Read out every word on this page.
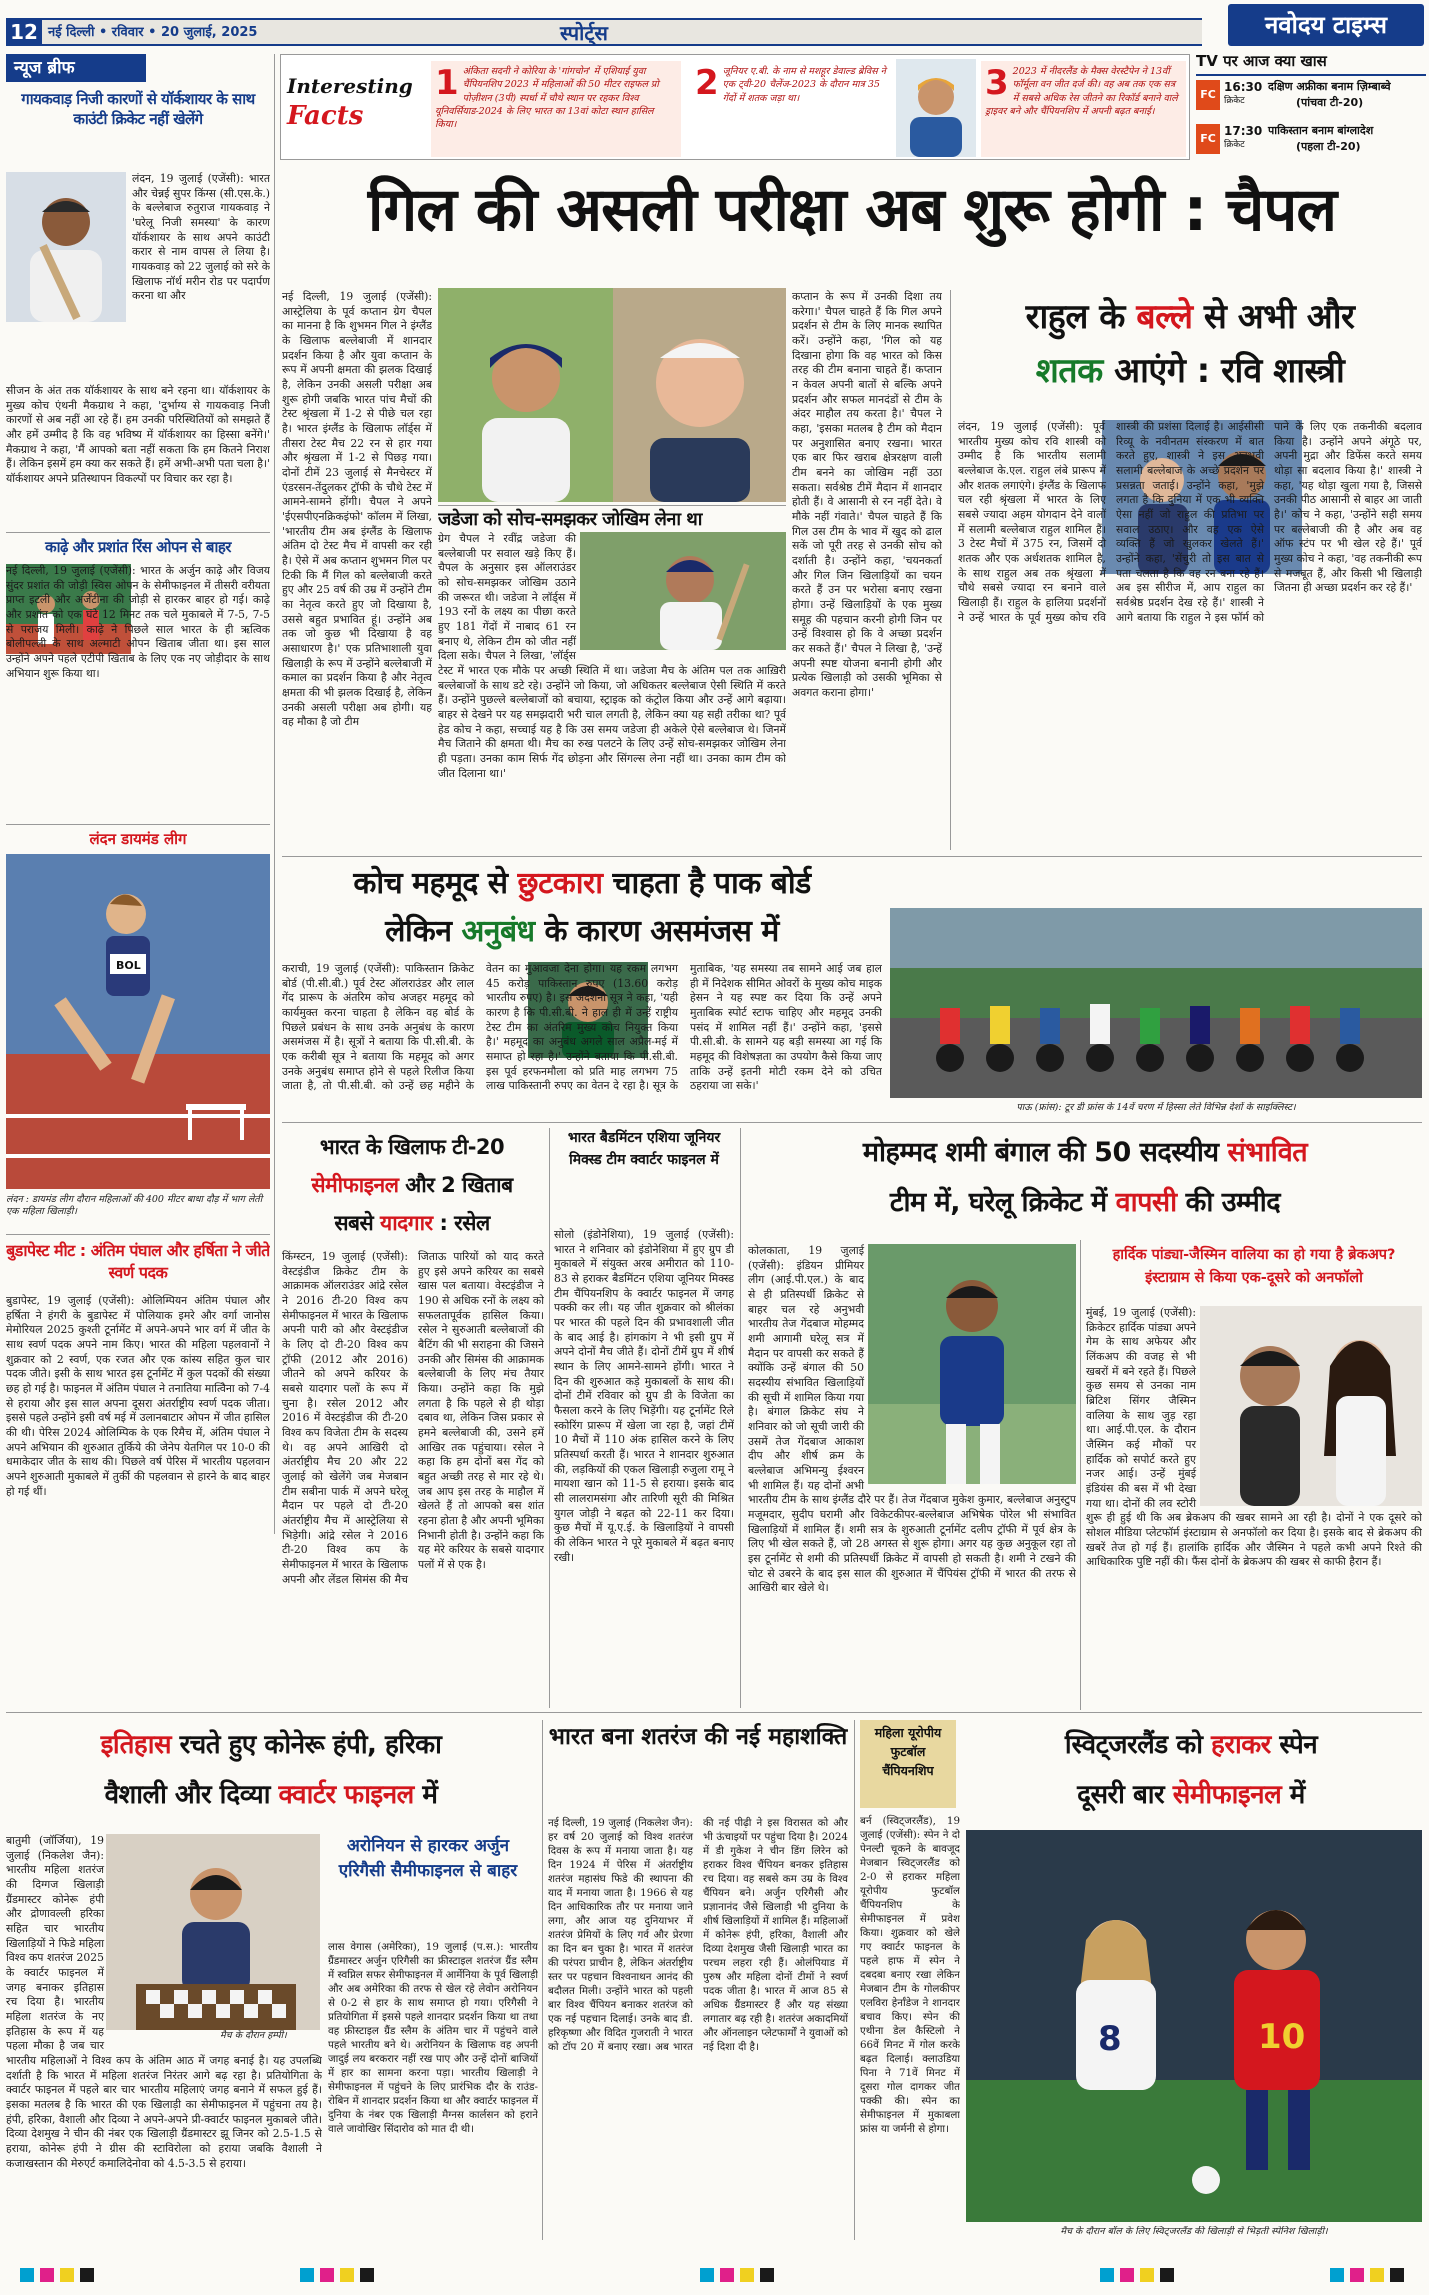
12 नई दिल्ली • रविवार • 20 जुलाई, 2025	स्पोर्ट्स	नवोदय टाइम्स
Interesting
Facts
1 अंकिता सदनी ने कोरिया के 'गांगचोन' में एशियाई युवा चैंपियनशिप 2023 में महिलाओं की 50 मीटर राइफल प्रो पोज़ीशन (3पी) स्पर्धा में चौथे स्थान पर रहकर विश्व यूनिवर्सियाड-2024 के लिए भारत का 13वां कोटा स्थान हासिल किया।
2 जूनियर ए.बी. के नाम से मशहूर डेवाल्ड ब्रेविस ने एक ट्वी-20 चैलेंज-2023 के दौरान मात्र 35 गेंदों में शतक जड़ा था।	3 2023 में नीदरलैंड के मैक्स वेरस्टैपेन ने 13वीं फॉर्मूला वन जीत दर्ज की। वह अब तक एक सत्र में सबसे अधिक रेस जीतने का रिकॉर्ड बनाने वाले ड्राइवर बने और चैंपियनशिप में अपनी बढ़त बनाई।
TV पर आज क्या खास
FC
16:30
क्रिकेट
दक्षिण अफ्रीका बनाम ज़िम्बाब्वे
(पांचवा टी-20)
FC
17:30
क्रिकेट
पाकिस्तान बनाम बांग्लादेश
(पहला टी-20)
न्यूज ब्रीफ
गायकवाड़ निजी कारणों से यॉर्कशायर के साथ काउंटी क्रिकेट नहीं खेलेंगे
लंदन, 19 जुलाई (एजेंसी): भारत और चेन्नई सुपर किंग्स (सी.एस.के.) के बल्लेबाज रुतुराज गायकवाड़ ने 'घरेलू निजी समस्या' के कारण यॉर्कशायर के साथ अपने काउंटी करार से नाम वापस ले लिया है। गायकवाड़ को 22 जुलाई को सरे के खिलाफ नॉर्थ मरीन रोड पर पदार्पण करना था और
सीजन के अंत तक यॉर्कशायर के साथ बने रहना था। यॉर्कशायर के मुख्य कोच एंथनी मैकग्राथ ने कहा, 'दुर्भाग्य से गायकवाड़ निजी कारणों से अब नहीं आ रहे हैं। हम उनकी परिस्थितियों को समझते हैं और हमें उम्मीद है कि वह भविष्य में यॉर्कशायर का हिस्सा बनेंगे।' मैकग्राथ ने कहा, 'मैं आपको बता नहीं सकता कि हम कितने निराश हैं। लेकिन इसमें हम क्या कर सकते हैं। हमें अभी-अभी पता चला है।' यॉर्कशायर अपने प्रतिस्थापन विकल्पों पर विचार कर रहा है।
काढ़े और प्रशांत रिंस ओपन से बाहर
नई दिल्ली, 19 जुलाई (एजेंसी): भारत के अर्जुन काढ़े और विजय सुंदर प्रशांत की जोड़ी स्विस ओपन के सेमीफाइनल में तीसरी वरीयता प्राप्त इटली और अर्जेंटीना की जोड़ी से हारकर बाहर हो गई। काढ़े और प्रशांत को एक घंटे 12 मिनट तक चले मुकाबले में 7-5, 7-5 से पराजय मिली। काढ़े ने पिछले साल भारत के ही ऋत्विक बोलीपल्ली के साथ अल्माटी ओपन खिताब जीता था। इस साल उन्होंने अपने पहले एटीपी खिताब के लिए एक नए जोड़ीदार के साथ अभियान शुरू किया था।
लंदन डायमंड लीग
BOL
लंदन : डायमंड लीग दौरान महिलाओं की 400 मीटर बाधा दौड़ में भाग लेती एक महिला खिलाड़ी।
बुडापेस्ट मीट : अंतिम पंघाल और हर्षिता ने जीते स्वर्ण पदक
बुडापेस्ट, 19 जुलाई (एजेंसी): ओलिम्पियन अंतिम पंघाल और हर्षिता ने हंगरी के बुडापेस्ट में पोलियाक इमरे और वर्गा जानोस मेमोरियल 2025 कुश्ती टूर्नामेंट में अपने-अपने भार वर्ग में जीत के साथ स्वर्ण पदक अपने नाम किए। भारत की महिला पहलवानों ने शुक्रवार को 2 स्वर्ण, एक रजत और एक कांस्य सहित कुल चार पदक जीते। इसी के साथ भारत इस टूर्नामेंट में कुल पदकों की संख्या छह हो गई है। फाइनल में अंतिम पंघाल ने तनातिया मात्वेिना को 7-4 से हराया और इस साल अपना दूसरा अंतर्राष्ट्रीय स्वर्ण पदक जीता। इससे पहले उन्होंने इसी वर्ष मई में उलानबाटार ओपन में जीत हासिल की थी। पेरिस 2024 ओलिम्पिक के एक रिमैच में, अंतिम पंघाल ने अपने अभियान की शुरुआत तुर्किये की जेनेप येतगिल पर 10-0 की धमाकेदार जीत के साथ की। पिछले वर्ष पेरिस में भारतीय पहलवान अपने शुरुआती मुकाबले में तुर्की की पहलवान से हारने के बाद बाहर हो गई थीं।
गिल की असली परीक्षा अब शुरू होगी : चैपल
नई दिल्ली, 19 जुलाई (एजेंसी): आस्ट्रेलिया के पूर्व कप्तान ग्रेग चैपल का मानना है कि शुभमन गिल ने इंग्लैंड के खिलाफ बल्लेबाजी में शानदार प्रदर्शन किया है और युवा कप्तान के रूप में अपनी क्षमता की झलक दिखाई है, लेकिन उनकी असली परीक्षा अब शुरू होगी जबकि भारत पांच मैचों की टेस्ट श्रृंखला में 1-2 से पीछे चल रहा है। भारत इंग्लैंड के खिलाफ लॉर्ड्स में तीसरा टेस्ट मैच 22 रन से हार गया और श्रृंखला में 1-2 से पिछड़ गया। दोनों टीमें 23 जुलाई से मैनचेस्टर में एंडरसन-तेंदुलकर ट्रॉफी के चौथे टेस्ट में आमने-सामने होंगी। चैपल ने अपने 'ईएसपीएनक्रिकइंफो' कॉलम में लिखा, 'भारतीय टीम अब इंग्लैंड के खिलाफ अंतिम दो टेस्ट मैच में वापसी कर रही है। ऐसे में अब कप्तान शुभमन गिल पर टिकी कि मैं गिल को बल्लेबाजी करते हुए और 25 वर्ष की उम्र में उन्होंने टीम का नेतृत्व करते हुए जो दिखाया है, उससे बहुत प्रभावित हूं। उन्होंने अब तक जो कुछ भी दिखाया है वह असाधारण है।' एक प्रतिभाशाली युवा खिलाड़ी के रूप में उन्होंने बल्लेबाजी में कमाल का प्रदर्शन किया है और नेतृत्व क्षमता की भी झलक दिखाई है, लेकिन उनकी असली परीक्षा अब होगी। यह वह मौका है जो टीम
जडेजा को सोच-समझकर जोखिम लेना था
ग्रेग चैपल ने रवींद्र जडेजा की बल्लेबाजी पर सवाल खड़े किए हैं। चैपल के अनुसार इस ऑलराउंडर को सोच-समझकर जोखिम उठाने की जरूरत थी। जडेजा ने लॉर्ड्स में 193 रनों के लक्ष्य का पीछा करते हुए 181 गेंदों में नाबाद 61 रन बनाए थे, लेकिन टीम को जीत नहीं दिला सके। चैपल ने लिखा, 'लॉर्ड्स टेस्ट में भारत एक मौके पर अच्छी स्थिति में था। जडेजा मैच के अंतिम पल तक आख़िरी बल्लेबाजों के साथ डटे रहे। उन्होंने जो किया, जो अधिकतर बल्लेबाज ऐसी स्थिति में करते हैं। उन्होंने पुछल्ले बल्लेबाजों को बचाया, स्ट्राइक को कंट्रोल किया और उन्हें आगे बढ़ाया। बाहर से देखने पर यह समझदारी भरी चाल लगती है, लेकिन क्या यह सही तरीका था? पूर्व हेड कोच ने कहा, सच्चाई यह है कि उस समय जडेजा ही अकेले ऐसे बल्लेबाज थे। जिनमें मैच जिताने की क्षमता थी। मैच का रुख पलटने के लिए उन्हें सोच-समझकर जोखिम लेना ही पड़ता। उनका काम सिर्फ गेंद छोड़ना और सिंगल्स लेना नहीं था। उनका काम टीम को जीत दिलाना था।'
कप्तान के रूप में उनकी दिशा तय करेगा।' चैपल चाहते हैं कि गिल अपने प्रदर्शन से टीम के लिए मानक स्थापित करें। उन्होंने कहा, 'गिल को यह दिखाना होगा कि वह भारत को किस तरह की टीम बनाना चाहते हैं। कप्तान न केवल अपनी बातों से बल्कि अपने प्रदर्शन और सफल मानदंडों से टीम के अंदर माहौल तय करता है।' चैपल ने कहा, 'इसका मतलब है टीम को मैदान पर अनुशासित बनाए रखना। भारत एक बार फिर खराब क्षेत्ररक्षण वाली टीम बनने का जोखिम नहीं उठा सकता। सर्वश्रेष्ठ टीमें मैदान में शानदार होती हैं। वे आसानी से रन नहीं देते। वे मौके नहीं गंवाते।' चैपल चाहते हैं कि गिल उस टीम के भाव में खुद को ढाल सकें जो पूरी तरह से उनकी सोच को दर्शाती है। उन्होंने कहा, 'चयनकर्ता और गिल जिन खिलाड़ियों का चयन करते हैं उन पर भरोसा बनाए रखना होगा। उन्हें खिलाड़ियों के एक मुख्य समूह की पहचान करनी होगी जिन पर उन्हें विश्वास हो कि वे अच्छा प्रदर्शन कर सकते हैं।' चैपल ने लिखा है, 'उन्हें अपनी स्पष्ट योजना बनानी होगी और प्रत्येक खिलाड़ी को उसकी भूमिका से अवगत कराना होगा।'
राहुल के बल्ले से अभी और
शतक आएंगे : रवि शास्त्री
लंदन, 19 जुलाई (एजेंसी): पूर्व भारतीय मुख्य कोच रवि शास्त्री को उम्मीद है कि भारतीय सलामी बल्लेबाज के.एल. राहुल लंबे प्रारूप में और शतक लगाएंगे। इंग्लैंड के खिलाफ चल रही श्रृंखला में भारत के लिए सबसे ज्यादा अहम योगदान देने वालों में सलामी बल्लेबाज राहुल शामिल हैं। 3 टेस्ट मैचों में 375 रन, जिसमें दो शतक और एक अर्धशतक शामिल है, के साथ राहुल अब तक श्रृंखला में चौथे सबसे ज्यादा रन बनाने वाले खिलाड़ी हैं। राहुल के हालिया प्रदर्शनों ने उन्हें भारत के पूर्व मुख्य कोच रवि शास्त्री की प्रशंसा दिलाई है। आईसीसी रिव्यू के नवीनतम संस्करण में बात करते हुए, शास्त्री ने इस अनुभवी सलामी बल्लेबाज के अच्छे प्रदर्शन पर प्रसन्नता जताई। उन्होंने कहा, 'मुझे लगता है कि दुनिया में एक भी व्यक्ति ऐसा नहीं जो राहुल की प्रतिभा पर सवाल उठाए। और वह एक ऐसे व्यक्ति हैं जो खुलकर खेलते हैं।' उन्होंने कहा, 'सेंचुरी तो इस बात से पता चलता है कि वह रन बना रहे हैं। अब इस सीरीज में, आप राहुल का सर्वश्रेष्ठ प्रदर्शन देख रहे हैं।' शास्त्री ने आगे बताया कि राहुल ने इस फॉर्म को पाने के लिए एक तकनीकी बदलाव किया है। उन्होंने अपने अंगूठे पर, अपनी मुद्रा और डिफेंस करते समय थोड़ा सा बदलाव किया है।' शास्त्री ने कहा, 'यह थोड़ा खुला गया है, जिससे उनकी पीठ आसानी से बाहर आ जाती है।' कोच ने कहा, 'उन्होंने सही समय पर बल्लेबाजी की है और अब वह ऑफ स्टंप पर भी खेल रहे हैं।' पूर्व मुख्य कोच ने कहा, 'वह तकनीकी रूप से मजबूत हैं, और किसी भी खिलाड़ी जितना ही अच्छा प्रदर्शन कर रहे हैं।'
कोच महमूद से छुटकारा चाहता है पाक बोर्ड
लेकिन अनुबंध के कारण असमंजस में
कराची, 19 जुलाई (एजेंसी): पाकिस्तान क्रिकेट बोर्ड (पी.सी.बी.) पूर्व टेस्ट ऑलराउंडर और लाल गेंद प्रारूप के अंतरिम कोच अजहर महमूद को कार्यमुक्त करना चाहता है लेकिन वह बोर्ड के पिछले प्रबंधन के साथ उनके अनुबंध के कारण असमंजस में है। सूत्रों ने बताया कि पी.सी.बी. के एक करीबी सूत्र ने बताया कि महमूद को अगर उनके अनुबंध समाप्त होने से पहले रिलीज किया जाता है, तो पी.सी.बी. को उन्हें छह महीने के वेतन का मुआवजा देना होगा। यह रकम लगभग 45 करोड़ पाकिस्तान रुपए (13.60 करोड़ भारतीय रुपए) है। इस अंदेशनी सूत्र ने कहा, 'यही कारण है कि पी.सी.बी. ने हाल ही में उन्हें राष्ट्रीय टेस्ट टीम का अंतरिम मुख्य कोच नियुक्त किया है।' महमूद का अनुबंध अगले साल अप्रैल-मई में समाप्त हो रहा है।' उन्होंने बताया कि पी.सी.बी. इस पूर्व हरफनमौला को प्रति माह लगभग 75 लाख पाकिस्तानी रुपए का वेतन दे रहा है। सूत्र के मुताबिक, 'यह समस्या तब सामने आई जब हाल ही में निदेशक सीमित ओवरों के मुख्य कोच माइक हेसन ने यह स्पष्ट कर दिया कि उन्हें अपने मुताबिक स्पोर्ट स्टाफ चाहिए और महमूद उनकी पसंद में शामिल नहीं हैं।' उन्होंने कहा, 'इससे पी.सी.बी. के सामने यह बड़ी समस्या आ गई कि महमूद की विशेषज्ञता का उपयोग कैसे किया जाए ताकि उन्हें इतनी मोटी रकम देने को उचित ठहराया जा सके।'
पाऊ (फ्रांस): टूर डी फ्रांस के 14वें चरण में हिस्सा लेते विभिन्न देशों के साइक्लिस्ट।
भारत के खिलाफ टी-20
सेमीफाइनल और 2 खिताब
सबसे यादगार : रसेल
किंग्स्टन, 19 जुलाई (एजेंसी): वेस्टइंडीज क्रिकेट टीम के आक्रामक ऑलराउंडर आंद्रे रसेल ने 2016 टी-20 विश्व कप सेमीफाइनल में भारत के खिलाफ अपनी पारी को और वेस्टइंडीज के लिए दो टी-20 विश्व कप ट्रॉफी (2012 और 2016) जीतने को अपने करियर के सबसे यादगार पलों के रूप में चुना है। रसेल 2012 और 2016 में वेस्टइंडीज की टी-20 विश्व कप विजेता टीम के सदस्य थे। वह अपने आखिरी दो अंतर्राष्ट्रीय मैच 20 और 22 जुलाई को खेलेंगे जब मेजबान टीम सबीना पार्क में अपने घरेलू मैदान पर पहले दो टी-20 अंतर्राष्ट्रीय मैच में आस्ट्रेलिया से भिड़ेगी। आंद्रे रसेल ने 2016 टी-20 विश्व कप के सेमीफाइनल में भारत के खिलाफ अपनी और लेंडल सिमंस की मैच जिताऊ पारियों को याद करते हुए इसे अपने करियर का सबसे खास पल बताया। वेस्टइंडीज ने 190 से अधिक रनों के लक्ष्य को सफलतापूर्वक हासिल किया। रसेल ने सुरुआती बल्लेबाजों की बैटिंग की भी सराहना की जिसने उनकी और सिमंस की आक्रामक बल्लेबाजी के लिए मंच तैयार किया। उन्होंने कहा कि मुझे लगता है कि पहले से ही थोड़ा दबाव था, लेकिन जिस प्रकार से हमने बल्लेबाजी की, उसने हमें आखिर तक पहुंचाया। रसेल ने कहा कि हम दोनों बस गेंद को बहुत अच्छी तरह से मार रहे थे। जब आप इस तरह के माहौल में खेलते हैं तो आपको बस शांत रहना होता है और अपनी भूमिका निभानी होती है। उन्होंने कहा कि यह मेरे करियर के सबसे यादगार पलों में से एक है।
भारत बैडमिंटन एशिया जूनियर मिक्स्ड टीम क्वार्टर फाइनल में
सोलो (इंडोनेशिया), 19 जुलाई (एजेंसी): भारत ने शनिवार को इंडोनेशिया में हुए ग्रुप डी मुकाबले में संयुक्त अरब अमीरात को 110-83 से हराकर बैडमिंटन एशिया जूनियर मिक्स्ड टीम चैंपियनशिप के क्वार्टर फाइनल में जगह पक्की कर ली। यह जीत शुक्रवार को श्रीलंका पर भारत की पहले दिन की प्रभावशाली जीत के बाद आई है। हांगकांग ने भी इसी ग्रुप में अपने दोनों मैच जीते हैं। दोनों टीमें ग्रुप में शीर्ष स्थान के लिए आमने-सामने होंगी। भारत ने दिन की शुरुआत कड़े मुकाबलों के साथ की। दोनों टीमें रविवार को ग्रुप डी के विजेता का फैसला करने के लिए भिड़ेंगी। यह टूर्नामेंट रिले स्कोरिंग प्रारूप में खेला जा रहा है, जहां टीमें 10 मैचों में 110 अंक हासिल करने के लिए प्रतिस्पर्धा करती हैं। भारत ने शानदार शुरुआत की, लड़कियों की एकल खिलाड़ी रुजुला रामू ने मायशा खान को 11-5 से हराया। इसके बाद सी लालरामसंगा और तारिणी सूरी की मिश्रित युगल जोड़ी ने बढ़त को 22-11 कर दिया। कुछ मैचों में यू.ए.ई. के खिलाड़ियों ने वापसी की लेकिन भारत ने पूरे मुकाबले में बढ़त बनाए रखी।
मोहम्मद शमी बंगाल की 50 सदस्यीय संभावित
टीम में, घरेलू क्रिकेट में वापसी की उम्मीद
कोलकाता, 19 जुलाई (एजेंसी): इंडियन प्रीमियर लीग (आई.पी.एल.) के बाद से ही प्रतिस्पर्धी क्रिकेट से बाहर चल रहे अनुभवी भारतीय तेज गेंदबाज मोहम्मद शमी आगामी घरेलू सत्र में मैदान पर वापसी कर सकते हैं क्योंकि उन्हें बंगाल की 50 सदस्यीय संभावित खिलाड़ियों की सूची में शामिल किया गया है। बंगाल क्रिकेट संघ ने शनिवार को जो सूची जारी की उसमें तेज गेंदबाज आकाश दीप और शीर्ष क्रम के बल्लेबाज अभिमन्यु ईश्वरन भी शामिल हैं। यह दोनों अभी भारतीय टीम के साथ इंग्लैंड दौरे पर हैं। तेज गेंदबाज मुकेश कुमार, बल्लेबाज अनुस्टुप मजूमदार, सुदीप घरामी और विकेटकीपर-बल्लेबाज अभिषेक पोरेल भी संभावित खिलाड़ियों में शामिल हैं। शमी सत्र के शुरुआती टूर्नामेंट दलीप ट्रॉफी में पूर्व क्षेत्र के लिए भी खेल सकते हैं, जो 28 अगस्त से शुरू होगा। अगर यह कुछ अनुकूल रहा तो इस टूर्नामेंट से शमी की प्रतिस्पर्धी क्रिकेट में वापसी हो सकती है। शमी ने टखने की चोट से उबरने के बाद इस साल की शुरुआत में चैंपियंस ट्रॉफी में भारत की तरफ से आखिरी बार खेले थे।
हार्दिक पांड्या-जैस्मिन वालिया का हो गया है ब्रेकअप?
इंस्टाग्राम से किया एक-दूसरे को अनफॉलो
मुंबई, 19 जुलाई (एजेंसी): क्रिकेटर हार्दिक पांड्या अपने गेम के साथ अफेयर और लिंकअप की वजह से भी खबरों में बने रहते हैं। पिछले कुछ समय से उनका नाम ब्रिटिश सिंगर जैस्मिन वालिया के साथ जुड़ रहा था। आई.पी.एल. के दौरान जैस्मिन कई मौकों पर हार्दिक को सपोर्ट करते हुए नजर आई। उन्हें मुंबई इंडियंस की बस में भी देखा गया था। दोनों की लव स्टोरी शुरू ही हुई थी कि अब ब्रेकअप की खबर सामने आ रही है। दोनों ने एक दूसरे को सोशल मीडिया प्लेटफॉर्म इंस्टाग्राम से अनफॉलो कर दिया है। इसके बाद से ब्रेकअप की खबरें तेज हो गई हैं। हालांकि हार्दिक और जैस्मिन ने पहले कभी अपने रिश्ते की आधिकारिक पुष्टि नहीं की। फैंस दोनों के ब्रेकअप की खबर से काफी हैरान हैं।
इतिहास रचते हुए कोनेरू हंपी, हरिका
वैशाली और दिव्या क्वार्टर फाइनल में
मैच के दौरान हम्पी।
बातुमी (जॉर्जिया), 19 जुलाई (निकलेश जैन): भारतीय महिला शतरंज की दिग्गज खिलाड़ी ग्रैंडमास्टर कोनेरू हंपी और द्रोणावल्ली हरिका सहित चार भारतीय खिलाड़ियों ने फिडे महिला विश्व कप शतरंज 2025 के क्वार्टर फाइनल में जगह बनाकर इतिहास रच दिया है। भारतीय महिला शतरंज के नए इतिहास के रूप में यह पहला मौका है जब चार भारतीय महिलाओं ने विश्व कप के अंतिम आठ में जगह बनाई है। यह उपलब्धि दर्शाती है कि भारत में महिला शतरंज निरंतर आगे बढ़ रहा है। प्रतियोगिता के क्वार्टर फाइनल में पहले बार चार भारतीय महिलाएं जगह बनाने में सफल हुई हैं। इसका मतलब है कि भारत की एक खिलाड़ी का सेमीफाइनल में पहुंचना तय है। हंपी, हरिका, वैशाली और दिव्या ने अपने-अपने प्री-क्वार्टर फाइनल मुकाबले जीते। दिव्या देशमुख ने चीन की नंबर एक खिलाड़ी ग्रैंडमास्टर झू जिनर को 2.5-1.5 से हराया, कोनेरू हंपी ने ग्रीस की स्टाविरोला को हराया जबकि वैशाली ने कजाखस्तान की मेरुएर्ट कमालिदेनोवा को 4.5-3.5 से हराया।
अरोनियन से हारकर अर्जुन एरिगैसी सैमीफाइनल से बाहर
लास वेगास (अमेरिका), 19 जुलाई (प.स.): भारतीय ग्रैंडमास्टर अर्जुन एरिगैसी का फ्रीस्टाइल शतरंज ग्रैंड स्लैम में स्वप्निल सफर सेमीफाइनल में आर्मेनिया के पूर्व खिलाड़ी और अब अमेरिका की तरफ से खेल रहे लेवोन अरोनियन से 0-2 से हार के साथ समाप्त हो गया। एरिगैसी ने प्रतियोगिता में इससे पहले शानदार प्रदर्शन किया था तथा वह फ्रीस्टाइल ग्रैंड स्लैम के अंतिम चार में पहुंचने वाले पहले भारतीय बने थे। अरोनियन के खिलाफ वह अपनी जादुई लय बरकरार नहीं रख पाए और उन्हें दोनों बाजियों में हार का सामना करना पड़ा। भारतीय खिलाड़ी ने सेमीफाइनल में पहुंचने के लिए प्रारंभिक दौर के राउंड-रोबिन में शानदार प्रदर्शन किया था और क्वार्टर फाइनल में दुनिया के नंबर एक खिलाड़ी मैग्नस कार्लसन को हराने वाले जावोखिर सिंदारोव को मात दी थी।
भारत बना शतरंज की नई महाशक्ति
नई दिल्ली, 19 जुलाई (निकलेश जैन): हर वर्ष 20 जुलाई को विश्व शतरंज दिवस के रूप में मनाया जाता है। यह दिन 1924 में पेरिस में अंतर्राष्ट्रीय शतरंज महासंघ फिडे की स्थापना की याद में मनाया जाता है। 1966 से यह दिन आधिकारिक तौर पर मनाया जाने लगा, और आज यह दुनियाभर में शतरंज प्रेमियों के लिए गर्व और प्रेरणा का दिन बन चुका है। भारत में शतरंज की परंपरा प्राचीन है, लेकिन अंतर्राष्ट्रीय स्तर पर पहचान विश्वनाथन आनंद की बदौलत मिली। उन्होंने भारत को पहली बार विश्व चैंपियन बनाकर शतरंज को एक नई पहचान दिलाई। उनके बाद डी. हरिकृष्णा और विदित गुजराती ने भारत को टॉप 20 में बनाए रखा। अब भारत की नई पीढ़ी ने इस विरासत को और भी ऊंचाइयों पर पहुंचा दिया है। 2024 में डी गुकेश ने चीन डिंग लिरेन को हराकर विश्व चैंपियन बनकर इतिहास रच दिया। वह सबसे कम उम्र के विश्व चैंपियन बने। अर्जुन एरिगैसी और प्रज्ञानानंद जैसे खिलाड़ी भी दुनिया के शीर्ष खिलाड़ियों में शामिल हैं। महिलाओं में कोनेरू हंपी, हरिका, वैशाली और दिव्या देशमुख जैसी खिलाड़ी भारत का परचम लहरा रही हैं। ओलंपियाड में पुरुष और महिला दोनों टीमों ने स्वर्ण पदक जीता है। भारत में आज 85 से अधिक ग्रैंडमास्टर हैं और यह संख्या लगातार बढ़ रही है। शतरंज अकादमियों और ऑनलाइन प्लेटफार्मों ने युवाओं को नई दिशा दी है।
महिला यूरोपीय फुटबॉल चैंपियनशिप
स्विट्जरलैंड को हराकर स्पेन
दूसरी बार सेमीफाइनल में
बर्न (स्विट्जरलैंड), 19 जुलाई (एजेंसी): स्पेन ने दो पेनल्टी चूकने के बावजूद मेजबान स्विट्जरलैंड को 2-0 से हराकर महिला यूरोपीय फुटबॉल चैंपियनशिप के सेमीफाइनल में प्रवेश किया। शुक्रवार को खेले गए क्वार्टर फाइनल के पहले हाफ में स्पेन ने दबदबा बनाए रखा लेकिन मेजबान टीम के गोलकीपर एलविरा हेर्नांडेज ने शानदार बचाव किए। स्पेन की एथीना डेल कैस्टिलो ने 66वें मिनट में गोल करके बढ़त दिलाई। क्लाउडिया पिना ने 71वें मिनट में दूसरा गोल दागकर जीत पक्की की। स्पेन का सेमीफाइनल में मुकाबला फ्रांस या जर्मनी से होगा।
8	10
मैच के दौरान बॉल के लिए स्विट्जरलैंड की खिलाड़ी से भिड़ती स्पेनिश खिलाड़ी।
